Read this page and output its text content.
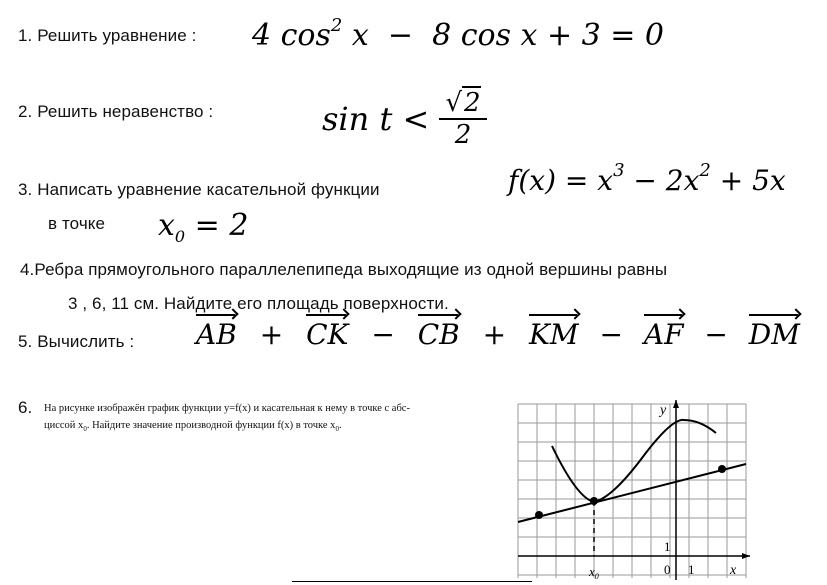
1. Решить уравнение : 4 $\cos^2 x - 8$ cos x + 3 = 0
2. Решить неравенство :	$\sin t < \frac{√2}{2}$
3. Написать уравнение касательной функции
в точке
$f(x) = x^3 - 2x^2 + 5x$
$x_0 = 2$
4.Ребра прямоугольного параллелепипеда выходящие из одной вершины равны
3 , 6, 11 см. Найдите его площадь поверхности.
5. Вычислить : AB + CK − CB + KM − AF − DM
6. На рисунке изображён график функции y=f(x) и касательная к нему в точке с абс-
циссой $x_0$. Найдите значение производной функции f(x) в точке $x_0$.
y
x
$x_0$	0 1
1
